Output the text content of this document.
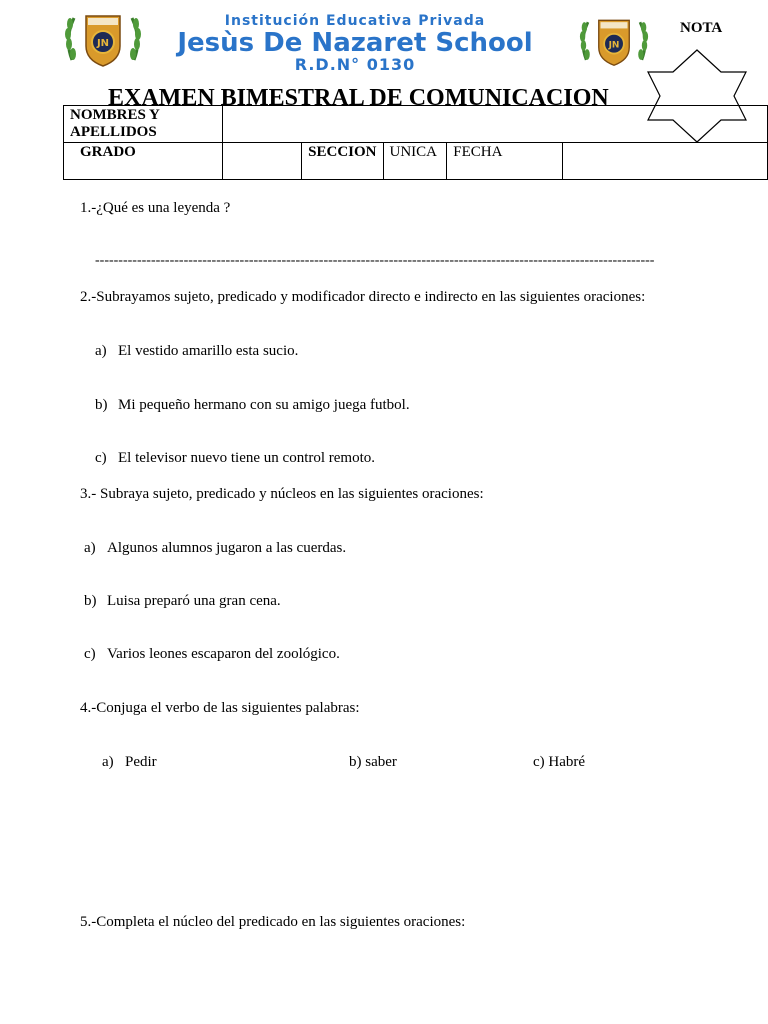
JN	JN
Institución Educativa Privada
Jesùs De Nazaret School
R.D.N° 0130
NOTA
EXAMEN BIMESTRAL DE COMUNICACION
NOMBRES Y APELLIDOS					
GRADO		SECCION	UNICA	FECHA	
1.-¿Qué es una leyenda ?
------------------------------------------------------------------------------------------------------------------------
2.-Subrayamos sujeto, predicado y modificador directo e indirecto en las siguientes oraciones:
a) El vestido amarillo esta sucio.
b) Mi pequeño hermano con su amigo juega futbol.
c) El televisor nuevo tiene un control remoto.
3.- Subraya sujeto, predicado y núcleos en las siguientes oraciones:
a) Algunos alumnos jugaron a las cuerdas.
b) Luisa preparó una gran cena.
c) Varios leones escaparon del zoológico.
4.-Conjuga el verbo de las siguientes palabras:
a) Pedir	b) saber	c) Habré
5.-Completa el núcleo del predicado en las siguientes oraciones:
